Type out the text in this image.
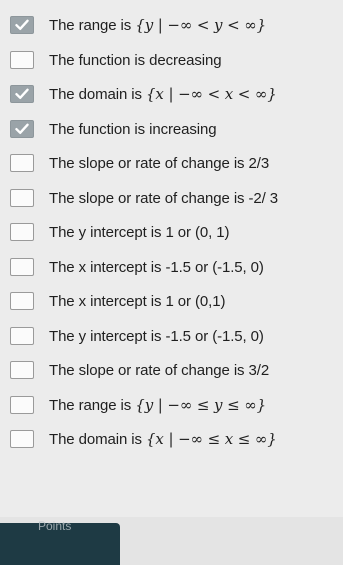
The range is {y | −∞ < y < ∞}
The function is decreasing
The domain is {x | −∞ < x < ∞}
The function is increasing
The slope or rate of change is 2/3
The slope or rate of change is -2/ 3
The y intercept is 1 or (0, 1)
The x intercept is -1.5 or (-1.5, 0)
The x intercept is 1 or (0,1)
The y intercept is -1.5 or (-1.5, 0)
The slope or rate of change is 3/2
The range is {y | −∞ ≤ y ≤ ∞}
The domain is {x | −∞ ≤ x ≤ ∞}
Points
